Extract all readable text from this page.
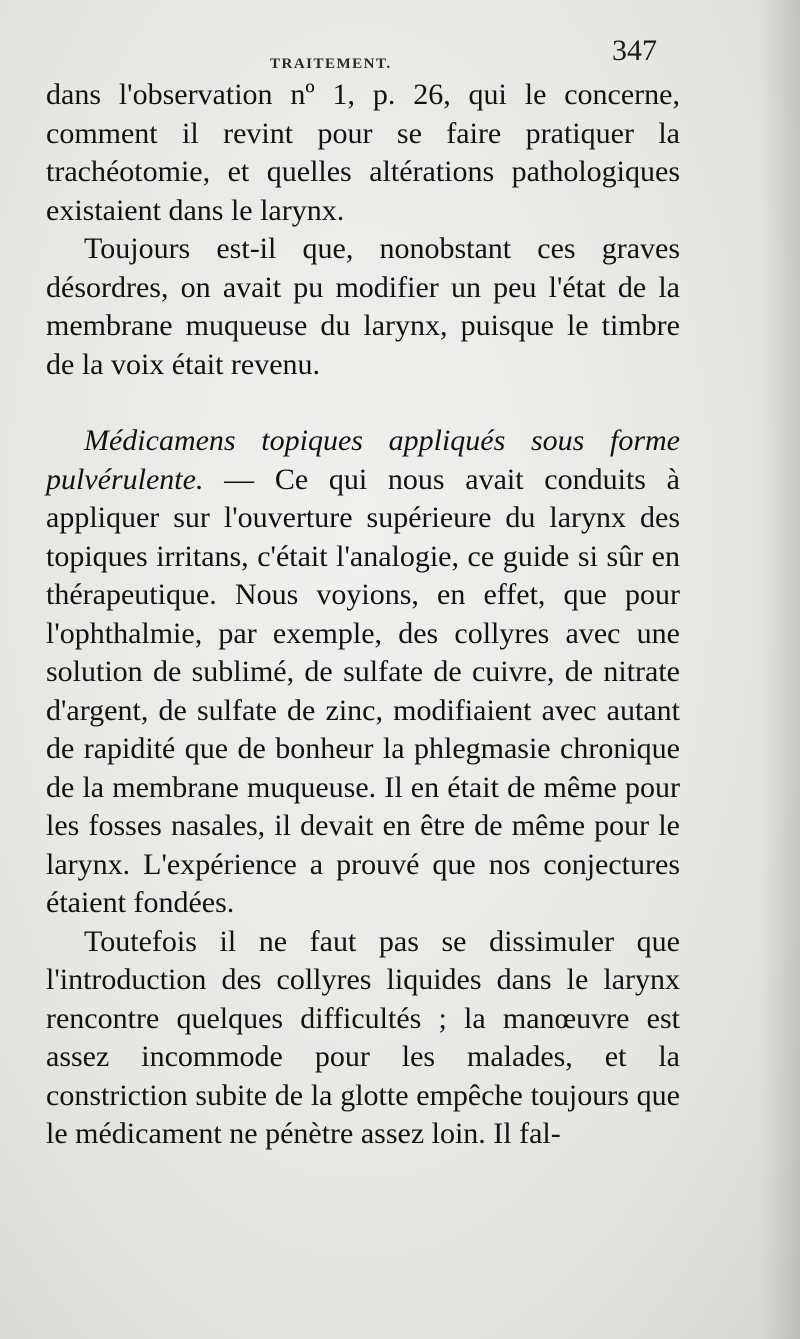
TRAITEMENT.	347

dans l'observation nº 1, p. 26, qui le concerne, comment il revint pour se faire pratiquer la trachéotomie, et quelles altérations pathologiques existaient dans le larynx.

Toujours est-il que, nonobstant ces graves désordres, on avait pu modifier un peu l'état de la membrane muqueuse du larynx, puisque le timbre de la voix était revenu.

Médicamens topiques appliqués sous forme pulvérulente. — Ce qui nous avait conduits à appliquer sur l'ouverture supérieure du larynx des topiques irritans, c'était l'analogie, ce guide si sûr en thérapeutique. Nous voyions, en effet, que pour l'ophthalmie, par exemple, des collyres avec une solution de sublimé, de sulfate de cuivre, de nitrate d'argent, de sulfate de zinc, modifiaient avec autant de rapidité que de bonheur la phlegmasie chronique de la membrane muqueuse. Il en était de même pour les fosses nasales, il devait en être de même pour le larynx. L'expérience a prouvé que nos conjectures étaient fondées.

Toutefois il ne faut pas se dissimuler que l'introduction des collyres liquides dans le larynx rencontre quelques difficultés ; la manœuvre est assez incommode pour les malades, et la constriction subite de la glotte empêche toujours que le médicament ne pénètre assez loin. Il fal-
